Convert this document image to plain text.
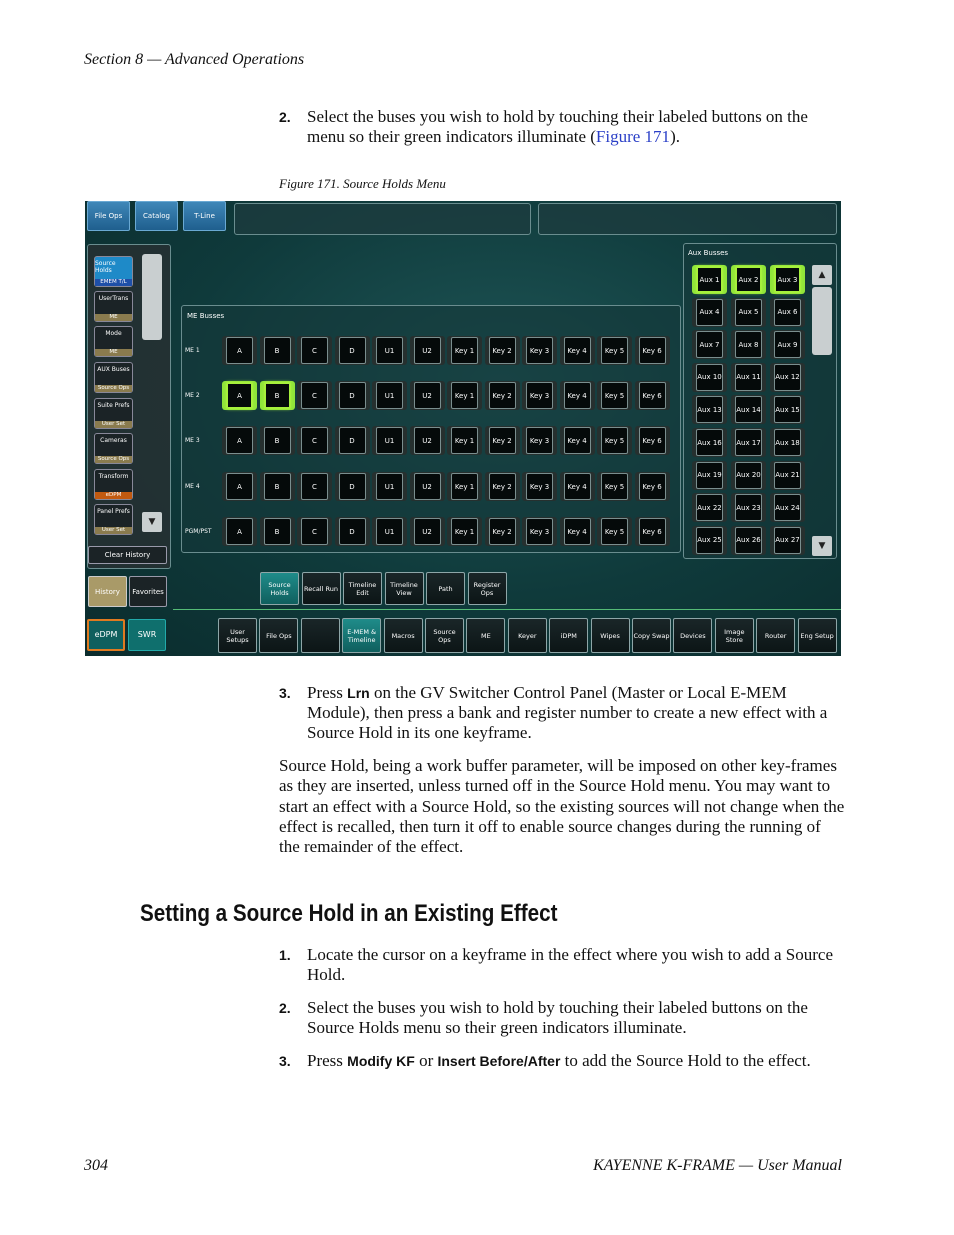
Section 8 — Advanced Operations
2. Select the buses you wish to hold by touching their labeled buttons on the menu so their green indicators illuminate (Figure 171).
Figure 171. Source Holds Menu
File Ops	Catalog	T-Line
Source Holds
EMEM T/L
UserTrans
ME
Mode
ME
AUX Buses
Source Ops
Suite Prefs
User Set
Cameras
Source Ops
Transform
eDPM
Panel Prefs
User Set
▼
Clear History
History	Favorites
eDPM	SWR
ME Busses
ME 1	A	B	C	D	U1	U2	Key 1	Key 2	Key 3	Key 4	Key 5	Key 6
ME 2	A	B	C	D	U1	U2	Key 1	Key 2	Key 3	Key 4	Key 5	Key 6
ME 3	A	B	C	D	U1	U2	Key 1	Key 2	Key 3	Key 4	Key 5	Key 6
ME 4	A	B	C	D	U1	U2	Key 1	Key 2	Key 3	Key 4	Key 5	Key 6
PGM/PST	A	B	C	D	U1	U2	Key 1	Key 2	Key 3	Key 4	Key 5	Key 6
Aux Busses
Aux 1	Aux 2	Aux 3
Aux 4	Aux 5	Aux 6
Aux 7	Aux 8	Aux 9
Aux 10 Aux 11 Aux 12
Aux 13 Aux 14 Aux 15
Aux 16 Aux 17 Aux 18
Aux 19 Aux 20 Aux 21
Aux 22 Aux 23 Aux 24
Aux 25 Aux 26 Aux 27
▲
▼
Source Holds	Recall Run	Timeline Edit
Timeline View	Path	Register Ops
User Setups	File Ops	E-MEM & Timeline	Macros	Source Ops	ME	Keyer	iDPM	Wipes	Copy Swap	Devices	Image Store	Router	Eng Setup
3. Press Lrn on the GV Switcher Control Panel (Master or Local E-MEM Module), then press a bank and register number to create a new effect with a Source Hold in its one keyframe.
Source Hold, being a work buffer parameter, will be imposed on other key-frames as they are inserted, unless turned off in the Source Hold menu. You may want to start an effect with a Source Hold, so the existing sources will not change when the effect is recalled, then turn it off to enable source changes during the running of the remainder of the effect.
Setting a Source Hold in an Existing Effect
1. Locate the cursor on a keyframe in the effect where you wish to add a Source Hold.
2. Select the buses you wish to hold by touching their labeled buttons on the Source Holds menu so their green indicators illuminate.
3. Press Modify KF or Insert Before/After to add the Source Hold to the effect.
304	KAYENNE K-FRAME — User Manual
